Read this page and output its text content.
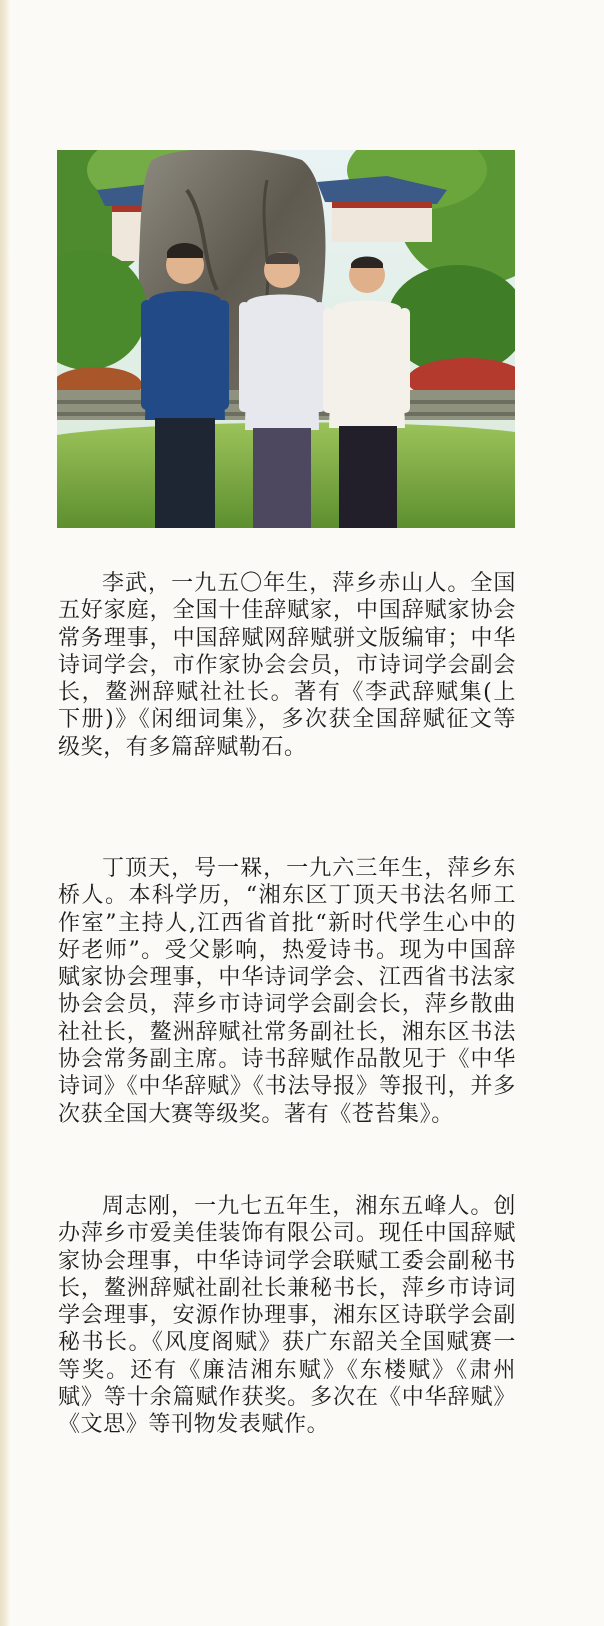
李武，一九五〇年生，萍乡赤山人。全国五好家庭，全国十佳辞赋家，中国辞赋家协会常务理事，中国辞赋网辞赋骈文版编审；中华诗词学会，市作家协会会员，市诗词学会副会长，鳌洲辞赋社社长。著有《李武辞赋集(上下册)》《闲细词集》，多次获全国辞赋征文等级奖，有多篇辞赋勒石。

丁顶天，号一槑，一九六三年生，萍乡东桥人。本科学历，“湘东区丁顶天书法名师工作室”主持人,江西省首批“新时代学生心中的好老师”。受父影响，热爱诗书。现为中国辞赋家协会理事，中华诗词学会、江西省书法家协会会员，萍乡市诗词学会副会长，萍乡散曲社社长，鳌洲辞赋社常务副社长，湘东区书法协会常务副主席。诗书辞赋作品散见于《中华诗词》《中华辞赋》《书法导报》等报刊，并多次获全国大赛等级奖。著有《苍苔集》。

周志刚，一九七五年生，湘东五峰人。创办萍乡市爱美佳装饰有限公司。现任中国辞赋家协会理事，中华诗词学会联赋工委会副秘书长，鳌洲辞赋社副社长兼秘书长，萍乡市诗词学会理事，安源作协理事，湘东区诗联学会副秘书长。《风度阁赋》获广东韶关全国赋赛一等奖。还有《廉洁湘东赋》《东楼赋》《肃州赋》等十余篇赋作获奖。多次在《中华辞赋》《文思》等刊物发表赋作。
